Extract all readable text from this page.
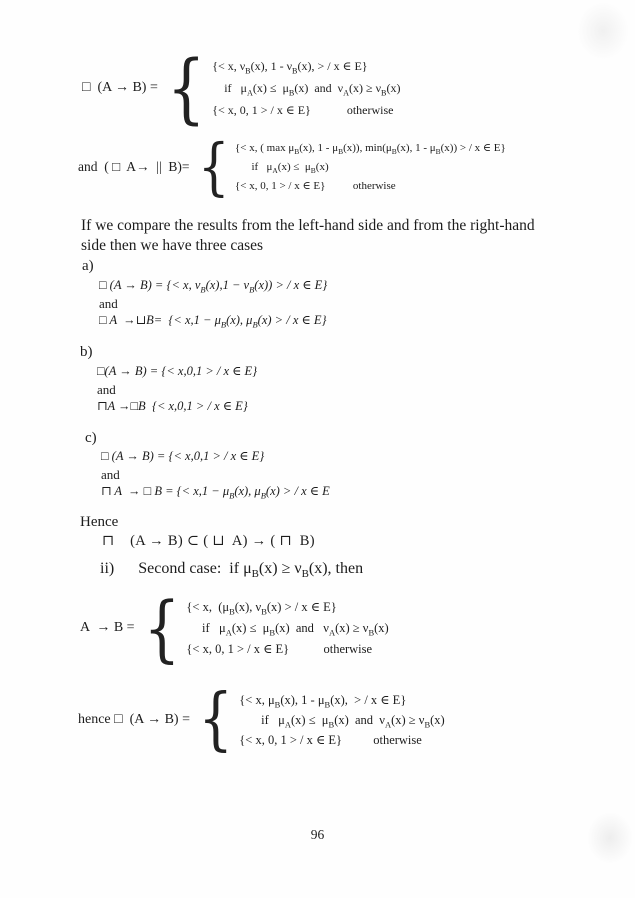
□  (A → B) = { {< x, $\nu_B(x)$, $1 - \nu_B(x)$, > / x ∈ E}
if   $\mu_A(x) \le \mu_B(x)$  and  $\nu_A(x) \ge \nu_B(x)$
{< x, 0, 1 > / x ∈ E}            otherwise
and  ( □  A→  ||  B)= { {< x, ( $\max \mu_B(x)$, $1 - \mu_B(x)$), $\min(\mu_B(x)$, $1 - \mu_B(x)$) > / x ∈ E}
if   $\mu_A(x) \le \mu_B(x)$
{< x, 0, 1 > / x ∈ E}          otherwise

If we compare the results from the left-hand side and from the right-hand side then we have three cases

a)
□ (A → B) = {< x, $\nu_B(x),1 - \nu_B(x)$) > / x ∈ E}
and
□ A  →⊔B=  {< $x,1 - \mu_B(x)$, $\mu_B(x)$ > / x ∈ E}
b)
□(A → B) = {< x,0,1 > / x ∈ E}
and
⊓A →□B  {< x,0,1 > / x ∈ E}
c)
□ (A → B) = {< x,0,1 > / x ∈ E}
and
⊓ A  → □ B = {< $x,1 - \mu_B(x)$, $\mu_B(x)$ > / x ∈ E
Hence
⊓    (A → B) ⊂ ( ⊔  A) → ( ⊓  B)
ii)      Second case:  if $\mu_B(x) \ge \nu_B(x)$, then
A  → B = { {< x,  ($\mu_B(x)$, $\nu_B(x)$ > / x ∈ E}
if   $\mu_A(x) \le \mu_B(x)$  and   $\nu_A(x) \ge \nu_B(x)$
{< x, 0, 1 > / x ∈ E}           otherwise
hence □  (A → B) = { {< x, $\mu_B(x)$, $1 - \mu_B(x)$,  > / x ∈ E}
if   $\mu_A(x) \le \mu_B(x)$  and  $\nu_A(x) \ge \nu_B(x)$
{< x, 0, 1 > / x ∈ E}          otherwise
96
